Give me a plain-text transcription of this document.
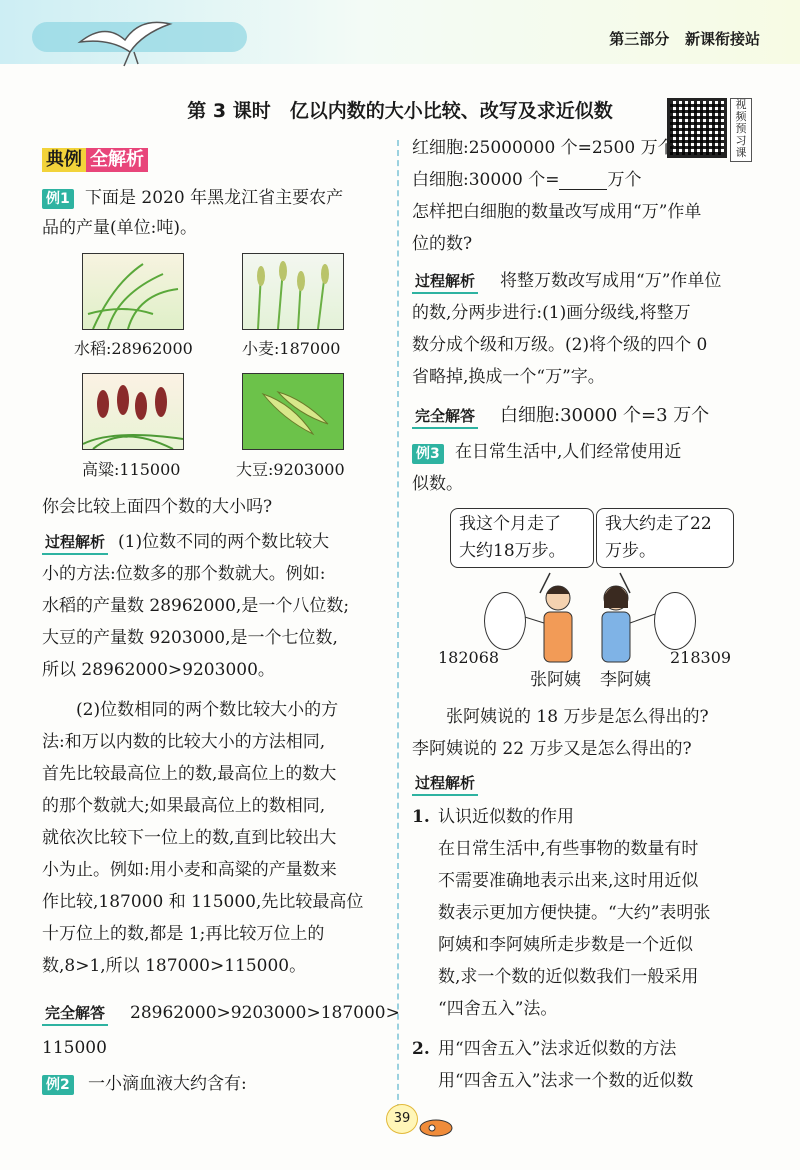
第三部分 新课衔接站
第 3 课时　亿以内数的大小比较、改写及求近似数	视频预习课
典例 全解析
例1 下面是 2020 年黑龙江省主要农产
品的产量(单位:吨)。
水稻:28962000	小麦:187000
高粱:115000	大豆:9203000
你会比较上面四个数的大小吗?
过程解析 (1)位数不同的两个数比较大
小的方法:位数多的那个数就大。例如:
水稻的产量数 28962000,是一个八位数;
大豆的产量数 9203000,是一个七位数,
所以 28962000>9203000。
(2)位数相同的两个数比较大小的方
法:和万以内数的比较大小的方法相同,
首先比较最高位上的数,最高位上的数大
的那个数就大;如果最高位上的数相同,
就依次比较下一位上的数,直到比较出大
小为止。例如:用小麦和高粱的产量数来
作比较,187000 和 115000,先比较最高位
十万位上的数,都是 1;再比较万位上的
数,8>1,所以 187000>115000。
完全解答 28962000>9203000>187000>
115000
例2 一小滴血液大约含有:
红细胞:25000000 个=2500 万个
白细胞:30000 个=	万个
怎样把白细胞的数量改写成用“万”作单
位的数?
过程解析 将整万数改写成用“万”作单位
的数,分两步进行:(1)画分级线,将整万
数分成个级和万级。(2)将个级的四个 0
省略掉,换成一个“万”字。
完全解答 白细胞:30000 个=3 万个
例3 在日常生活中,人们经常使用近
似数。
我这个月走了
大约18万步。
我大约走了22
万步。
182068	218309
张阿姨 李阿姨
张阿姨说的 18 万步是怎么得出的?
李阿姨说的 22 万步又是怎么得出的?
过程解析
1. 认识近似数的作用
在日常生活中,有些事物的数量有时
不需要准确地表示出来,这时用近似
数表示更加方便快捷。“大约”表明张
阿姨和李阿姨所走步数是一个近似
数,求一个数的近似数我们一般采用
“四舍五入”法。
2. 用“四舍五入”法求近似数的方法
用“四舍五入”法求一个数的近似数
39
